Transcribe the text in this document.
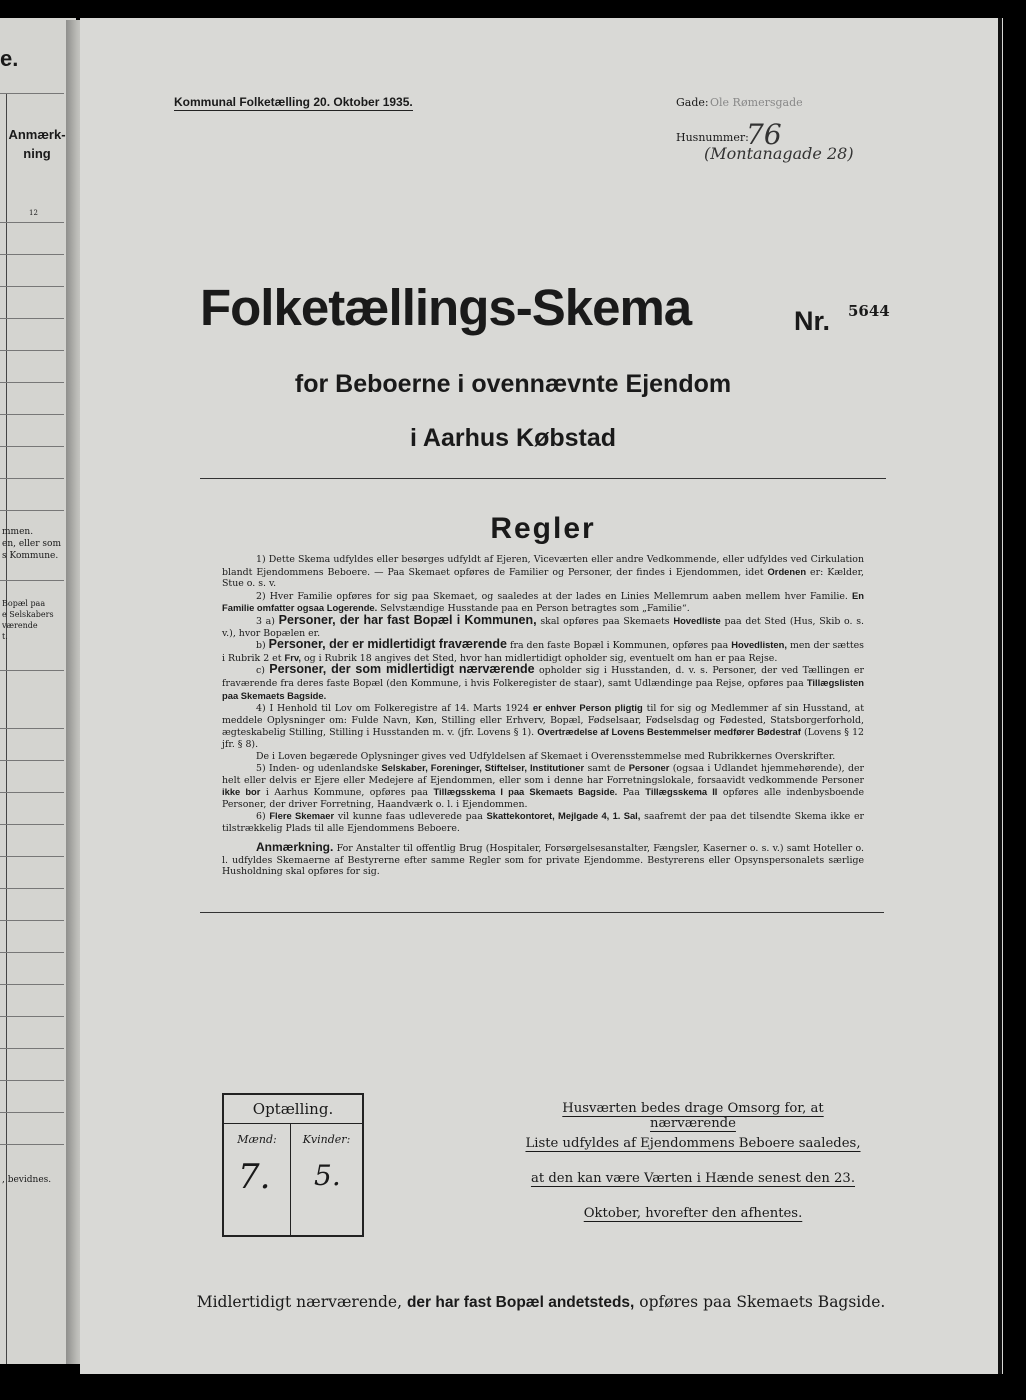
e.
Anmærk-
ning
12
mmen.
en, eller som
s Kommune.
Bopæl paa
e Selskabers
værende
t.
, bevidnes.
Kommunal Folketælling 20. Oktober 1935.	Gade: Ole Rømersgade
Husnummer:
76
(Montanagade 28)
Folketællings-Skema	Nr. 5644
for Beboerne i ovennævnte Ejendom
i Aarhus Købstad
Regler

1) Dette Skema udfyldes eller besørges udfyldt af Ejeren, Viceværten eller andre Vedkommende, eller udfyldes ved Cirkulation blandt Ejendommens Beboere. — Paa Skemaet opføres de Familier og Personer, der findes i Ejendommen, idet Ordenen er: Kælder, Stue o. s. v.

2) Hver Familie opføres for sig paa Skemaet, og saaledes at der lades en Linies Mellemrum aaben mellem hver Familie. En Familie omfatter ogsaa Logerende. Selvstændige Husstande paa en Person betragtes som „Familie“.

3 a) Personer, der har fast Bopæl i Kommunen, skal opføres paa Skemaets Hovedliste paa det Sted (Hus, Skib o. s. v.), hvor Bopælen er.

b) Personer, der er midlertidigt fraværende fra den faste Bopæl i Kommunen, opføres paa Hovedlisten, men der sættes i Rubrik 2 et Frv, og i Rubrik 18 angives det Sted, hvor han midlertidigt opholder sig, eventuelt om han er paa Rejse.

c) Personer, der som midlertidigt nærværende opholder sig i Husstanden, d. v. s. Personer, der ved Tællingen er fraværende fra deres faste Bopæl (den Kommune, i hvis Folkeregister de staar), samt Udlændinge paa Rejse, opføres paa Tillægslisten paa Skemaets Bagside.

4) I Henhold til Lov om Folkeregistre af 14. Marts 1924 er enhver Person pligtig til for sig og Medlemmer af sin Husstand, at meddele Oplysninger om: Fulde Navn, Køn, Stilling eller Erhverv, Bopæl, Fødselsaar, Fødselsdag og Fødested, Statsborgerforhold, ægteskabelig Stilling, Stilling i Husstanden m. v. (jfr. Lovens § 1). Overtrædelse af Lovens Bestemmelser medfører Bødestraf (Lovens § 12 jfr. § 8).

De i Loven begærede Oplysninger gives ved Udfyldelsen af Skemaet i Overensstemmelse med Rubrikkernes Overskrifter.

5) Inden- og udenlandske Selskaber, Foreninger, Stiftelser, Institutioner samt de Personer (ogsaa i Udlandet hjemmehørende), der helt eller delvis er Ejere eller Medejere af Ejendommen, eller som i denne har Forretningslokale, forsaavidt vedkommende Personer ikke bor i Aarhus Kommune, opføres paa Tillægsskema I paa Skemaets Bagside. Paa Tillægsskema II opføres alle indenbysboende Personer, der driver Forretning, Haandværk o. l. i Ejendommen.

6) Flere Skemaer vil kunne faas udleverede paa Skattekontoret, Mejlgade 4, 1. Sal, saafremt der paa det tilsendte Skema ikke er tilstrækkelig Plads til alle Ejendommens Beboere.

Anmærkning. For Anstalter til offentlig Brug (Hospitaler, Forsørgelsesanstalter, Fængsler, Kaserner o. s. v.) samt Hoteller o. l. udfyldes Skemaerne af Bestyrerne efter samme Regler som for private Ejendomme. Bestyrerens eller Opsynspersonalets særlige Husholdning skal opføres for sig.
Optælling.
Mænd:	Kvinder:
7. 5.
Husværten bedes drage Omsorg for, at nærværende
Liste udfyldes af Ejendommens Beboere saaledes,
at den kan være Værten i Hænde senest den 23.
Oktober, hvorefter den afhentes.
Midlertidigt nærværende, der har fast Bopæl andetsteds, opføres paa Skemaets Bagside.
